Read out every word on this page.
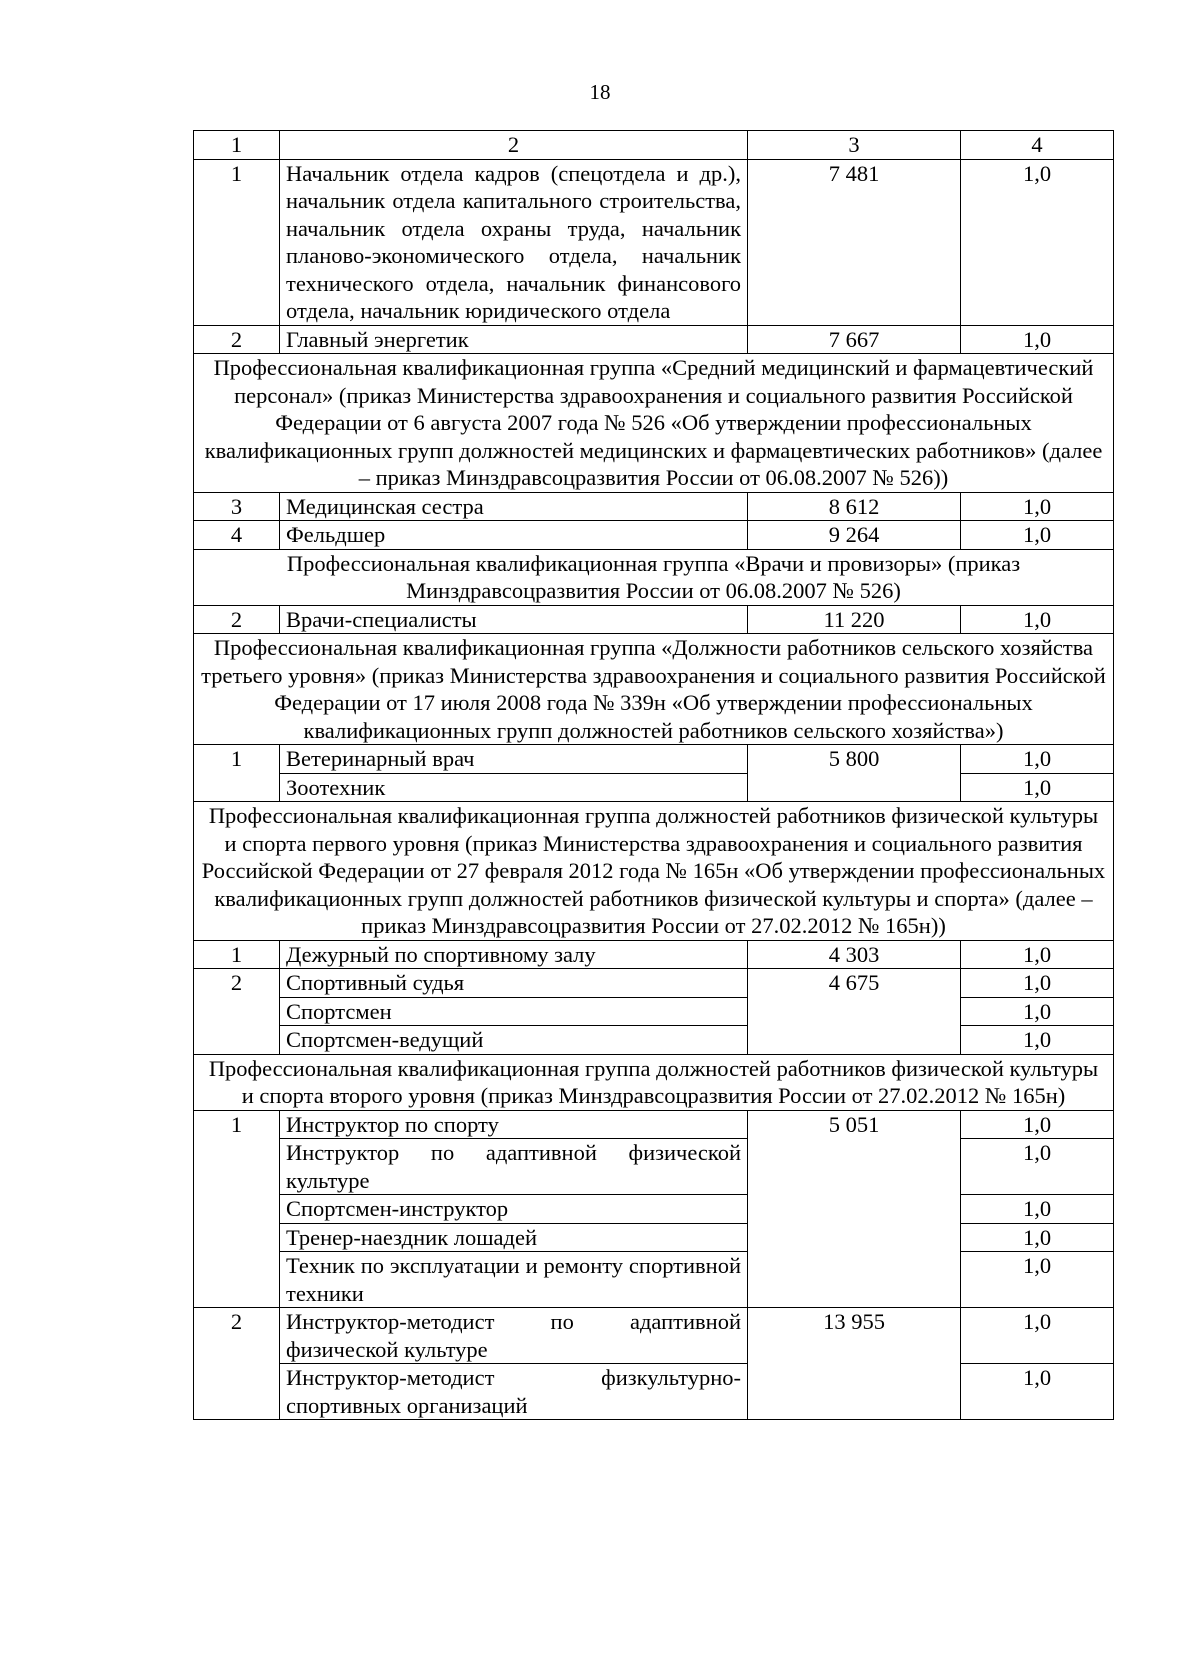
18
1	2	3	4
1	Начальник отдела кадров (спецотдела и др.), начальник отдела капитального строительства, начальник отдела охраны труда, начальник планово-экономического отдела, начальник технического отдела, начальник финансового отдела, начальник юридического отдела	7 481	1,0
2	Главный энергетик	7 667	1,0
Профессиональная квалификационная группа «Средний медицинский и фармацевтический персонал» (приказ Министерства здравоохранения и социального развития Российской Федерации от 6 августа 2007 года № 526 «Об утверждении профессиональных квалификационных групп должностей медицинских и фармацевтических работников» (далее – приказ Минздравсоцразвития России от 06.08.2007 № 526))			
3	Медицинская сестра	8 612	1,0
4	Фельдшер	9 264	1,0
Профессиональная квалификационная группа «Врачи и провизоры» (приказ Минздравсоцразвития России от 06.08.2007 № 526)			
2	Врачи-специалисты	11 220	1,0
Профессиональная квалификационная группа «Должности работников сельского хозяйства третьего уровня» (приказ Министерства здравоохранения и социального развития Российской Федерации от 17 июля 2008 года № 339н «Об утверждении профессиональных квалификационных групп должностей работников сельского хозяйства»)			
1	Ветеринарный врач	5 800	1,0
	Зоотехник		1,0
Профессиональная квалификационная группа должностей работников физической культуры и спорта первого уровня (приказ Министерства здравоохранения и социального развития Российской Федерации от 27 февраля 2012 года № 165н «Об утверждении профессиональных квалификационных групп должностей работников физической культуры и спорта» (далее – приказ Минздравсоцразвития России от 27.02.2012 № 165н))			
1	Дежурный по спортивному залу	4 303	1,0
2	Спортивный судья	4 675	1,0
	Спортсмен		1,0
	Спортсмен-ведущий		1,0
Профессиональная квалификационная группа должностей работников физической культуры и спорта второго уровня (приказ Минздравсоцразвития России от 27.02.2012 № 165н)			
1	Инструктор по спорту	5 051	1,0
	Инструктор по адаптивной физической культуре		1,0
	Спортсмен-инструктор		1,0
	Тренер-наездник лошадей		1,0
	Техник по эксплуатации и ремонту спортивной техники		1,0
2	Инструктор-методист по адаптивной физической культуре	13 955	1,0
	Инструктор-методист физкультурно-спортивных организаций		1,0
